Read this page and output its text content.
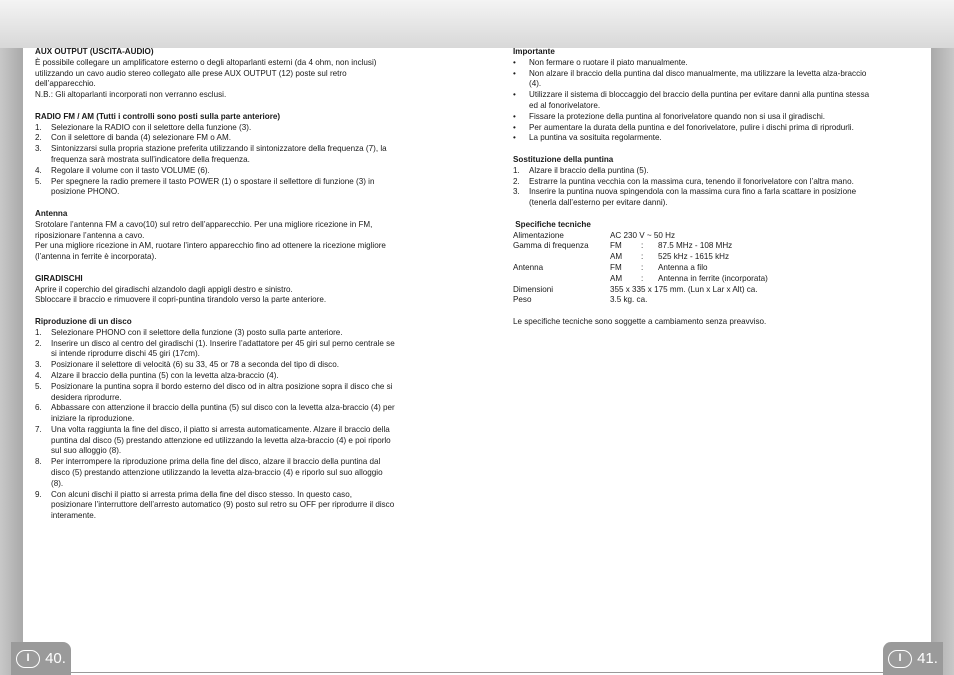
AUX OUTPUT (USCITA-AUDIO)

È possibile collegare un amplificatore esterno o degli altoparlanti esterni (da 4 ohm, non inclusi)

utilizzando un cavo audio stereo collegato alle prese AUX OUTPUT (12) poste sul retro

dell’apparecchio.

N.B.: Gli altoparlanti incorporati non verranno esclusi.

RADIO FM / AM (Tutti i controlli sono posti sulla parte anteriore)
1. Selezionare la RADIO con il selettore della funzione (3).
2. Con il selettore di banda (4) selezionare FM o AM.
3. Sintonizzarsi sulla propria stazione preferita utilizzando il sintonizzatore della frequenza (7), la
frequenza sarà mostrata sull’indicatore della frequenza.
4. Regolare il volume con il tasto VOLUME (6).
5. Per spegnere la radio premere il tasto POWER (1) o spostare il sellettore di funzione (3) in
posizione PHONO.
Antenna

Srotolare l’antenna FM a cavo(10) sul retro dell’apparecchio. Per una migliore ricezione in FM,

riposizionare l’antenna a cavo.

Per una migliore ricezione in AM, ruotare l’intero apparecchio fino ad ottenere la ricezione migliore

(l’antenna in ferrite è incorporata).

GIRADISCHI

Aprire il coperchio del giradischi alzandolo dagli appigli destro e sinistro.

Sbloccare il braccio e rimuovere il copri-puntina tirandolo verso la parte anteriore.

Riproduzione di un disco
1. Selezionare PHONO con il selettore della funzione (3) posto sulla parte anteriore.
2. Inserire un disco al centro del giradischi (1). Inserire l’adattatore per 45 giri sul perno centrale se
si intende riprodurre dischi 45 giri (17cm).
3. Posizionare il selettore di velocità (6) su 33, 45 or 78 a seconda del tipo di disco.
4. Alzare il braccio della puntina (5) con la levetta alza-braccio (4).
5. Posizionare la puntina sopra il bordo esterno del disco od in altra posizione sopra il disco che si
desidera riprodurre.
6. Abbassare con attenzione il braccio della puntina (5) sul disco con la levetta alza-braccio (4) per
iniziare la riproduzione.
7. Una volta raggiunta la fine del disco, il piatto si arresta automaticamente. Alzare il braccio della
puntina dal disco (5) prestando attenzione ed utilizzando la levetta alza-braccio (4) e poi riporlo
sul suo alloggio (8).
8. Per interrompere la riproduzione prima della fine del disco, alzare il braccio della puntina dal
disco (5) prestando attenzione utilizzando la levetta alza-braccio (4) e riporlo sul suo alloggio
(8).
9. Con alcuni dischi il piatto si arresta prima della fine del disco stesso. In questo caso,
posizionare l’interruttore dell’arresto automatico (9) posto sul retro su OFF per riprodurre il disco
interamente.
Importante
• Non fermare o ruotare il piato manualmente.
• Non alzare il braccio della puntina dal disco manualmente, ma utilizzare la levetta alza-braccio
(4).
• Utilizzare il sistema di bloccaggio del braccio della puntina per evitare danni alla puntina stessa
ed al fonorivelatore.
• Fissare la protezione della puntina al fonorivelatore quando non si usa il giradischi.
• Per aumentare la durata della puntina e del fonorivelatore, pulire i dischi prima di riprodurli.
• La puntina va sosituita regolarmente.
Sostituzione della puntina
1. Alzare il braccio della puntina (5).
2. Estrarre la puntina vecchia con la massima cura, tenendo il fonorivelatore con l’altra mano.
3. Inserire la puntina nuova spingendola con la massima cura fino a farla scattare in posizione
(tenerla dall’esterno per evitare danni).
Specifiche tecniche
Alimentazione	AC 230 V ~ 50 Hz		
Gamma di frequenza	FM	:	87.5 MHz - 108 MHz
	AM	:	525 kHz - 1615 kHz
Antenna	FM	:	Antenna a filo
	AM	:	Antenna in ferrite (incorporata)
Dimensioni	355 x 335 x 175 mm. (Lun x Lar x Alt) ca.		
Peso	3.5 kg. ca.		

Le specifiche tecniche sono soggette a cambiamento senza preavviso.

I	40.	I	41.
